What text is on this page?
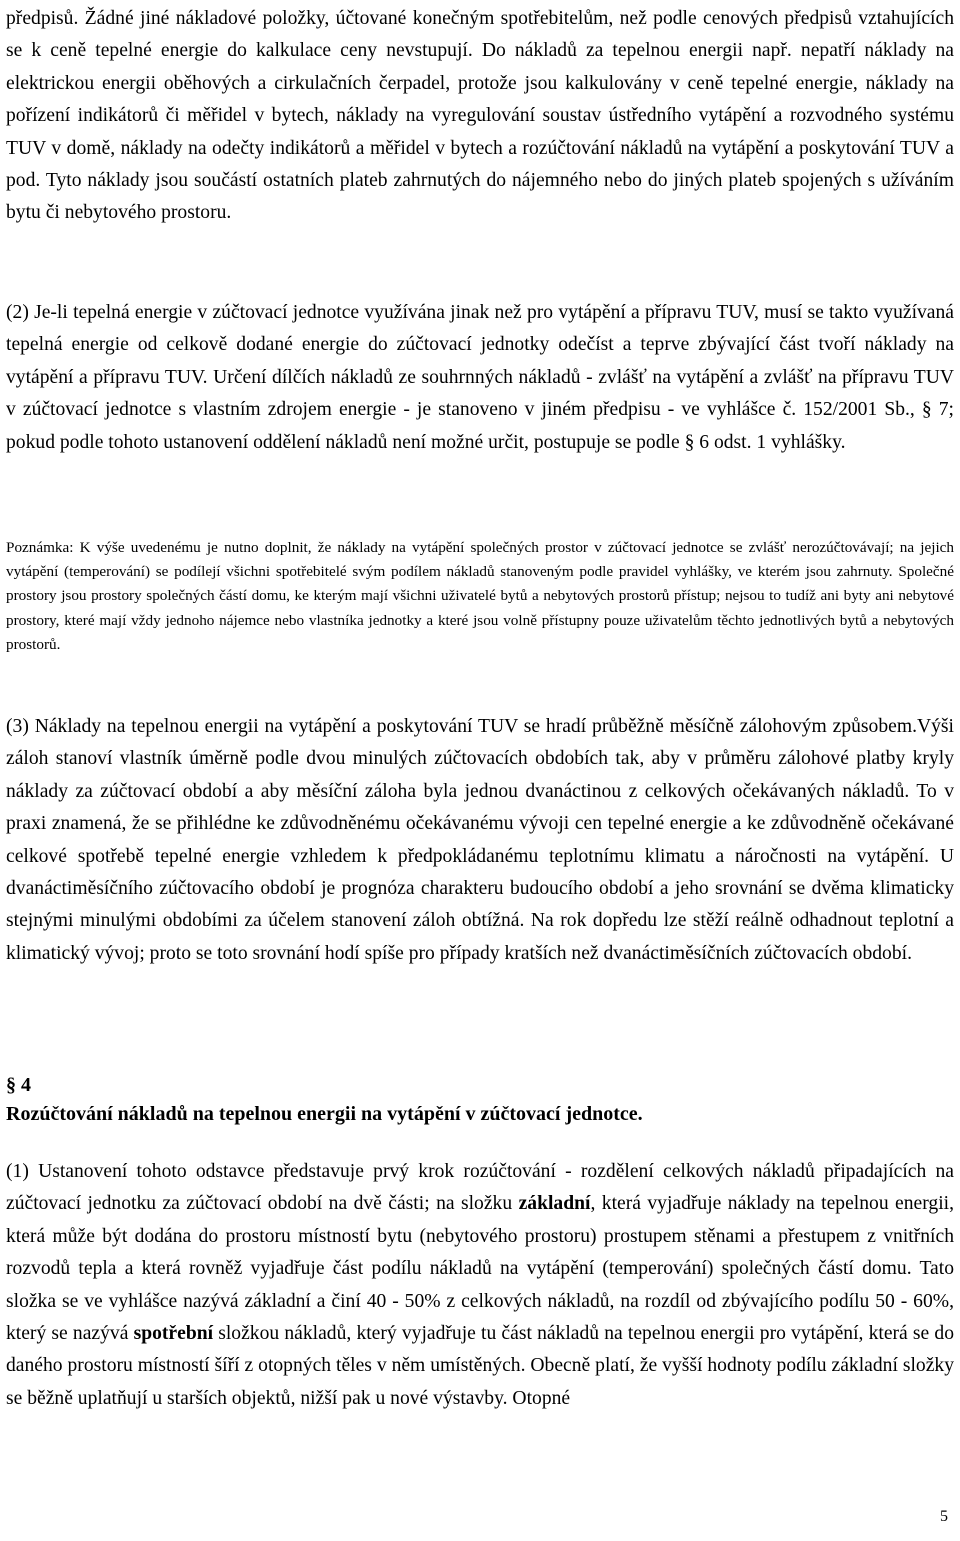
předpisů. Žádné jiné nákladové položky, účtované konečným spotřebitelům, než podle cenových předpisů vztahujících se k ceně tepelné energie do kalkulace ceny nevstupují. Do nákladů za tepelnou energii např. nepatří náklady na elektrickou energii oběhových a cirkulačních čerpadel, protože jsou kalkulovány v ceně tepelné energie, náklady na pořízení indikátorů či měřidel v bytech, náklady na vyregulování soustav ústředního vytápění a rozvodného systému TUV v domě, náklady na odečty indikátorů a měřidel v bytech a rozúčtování nákladů na vytápění a poskytování TUV a pod. Tyto náklady jsou součástí ostatních plateb zahrnutých do nájemného nebo do jiných plateb spojených s užíváním bytu či nebytového prostoru.

(2) Je-li tepelná energie v zúčtovací jednotce využívána jinak než pro vytápění a přípravu TUV, musí se takto využívaná tepelná energie od celkově dodané energie do zúčtovací jednotky odečíst a teprve zbývající část tvoří náklady na vytápění a přípravu TUV. Určení dílčích nákladů ze souhrnných nákladů - zvlášť na vytápění a zvlášť na přípravu TUV v zúčtovací jednotce s vlastním zdrojem energie - je stanoveno v jiném předpisu - ve vyhlášce č. 152/2001 Sb., § 7; pokud podle tohoto ustanovení oddělení nákladů není možné určit, postupuje se podle § 6 odst. 1 vyhlášky.

Poznámka: K výše uvedenému je nutno doplnit, že náklady na vytápění společných prostor v zúčtovací jednotce se zvlášť nerozúčtovávají; na jejich vytápění (temperování) se podílejí všichni spotřebitelé svým podílem nákladů stanoveným podle pravidel vyhlášky, ve kterém jsou zahrnuty. Společné prostory jsou prostory společných částí domu, ke kterým mají všichni uživatelé bytů a nebytových prostorů přístup; nejsou to tudíž ani byty ani nebytové prostory, které mají vždy jednoho nájemce nebo vlastníka jednotky a které jsou volně přístupny pouze uživatelům těchto jednotlivých bytů a nebytových prostorů.

(3) Náklady na tepelnou energii na vytápění a poskytování TUV se hradí průběžně měsíčně zálohovým způsobem.Výši záloh stanoví vlastník úměrně podle dvou minulých zúčtovacích obdobích tak, aby v průměru zálohové platby kryly náklady za zúčtovací období a aby měsíční záloha byla jednou dvanáctinou z celkových očekávaných nákladů. To v praxi znamená, že se přihlédne ke zdůvodněnému očekávanému vývoji cen tepelné energie a ke zdůvodněně očekávané celkové spotřebě tepelné energie vzhledem k předpokládanému teplotnímu klimatu a náročnosti na vytápění. U dvanáctiměsíčního zúčtovacího období je prognóza charakteru budoucího období a jeho srovnání se dvěma klimaticky stejnými minulými obdobími za účelem stanovení záloh obtížná. Na rok dopředu lze stěží reálně odhadnout teplotní a klimatický vývoj; proto se toto srovnání hodí spíše pro případy kratších než dvanáctiměsíčních zúčtovacích období.

§ 4
Rozúčtování nákladů na tepelnou energii na vytápění v zúčtovací jednotce.

(1) Ustanovení tohoto odstavce představuje prvý krok rozúčtování - rozdělení celkových nákladů připadajících na zúčtovací jednotku za zúčtovací období na dvě části; na složku základní, která vyjadřuje náklady na tepelnou energii, která může být dodána do prostoru místností bytu (nebytového prostoru) prostupem stěnami a přestupem z vnitřních rozvodů tepla a která rovněž vyjadřuje část podílu nákladů na vytápění (temperování) společných částí domu. Tato složka se ve vyhlášce nazývá základní a činí 40 - 50% z celkových nákladů, na rozdíl od zbývajícího podílu 50 - 60%, který se nazývá spotřební složkou nákladů, který vyjadřuje tu část nákladů na tepelnou energii pro vytápění, která se do daného prostoru místností šíří z otopných těles v něm umístěných. Obecně platí, že vyšší hodnoty podílu základní složky se běžně uplatňují u starších objektů, nižší pak u nové výstavby. Otopné

5
